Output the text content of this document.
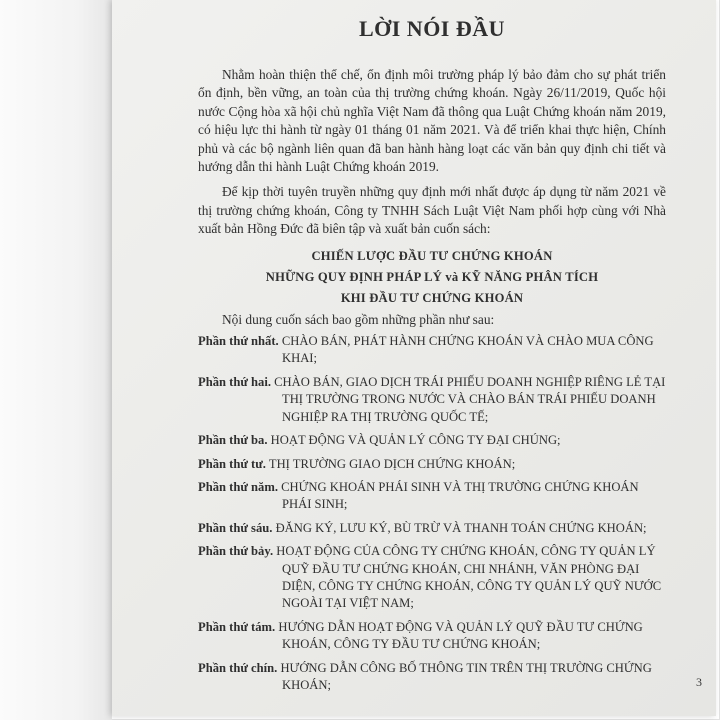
LỜI NÓI ĐẦU

Nhằm hoàn thiện thể chế, ổn định môi trường pháp lý bảo đảm cho sự phát triển ổn định, bền vững, an toàn của thị trường chứng khoán. Ngày 26/11/2019, Quốc hội nước Cộng hòa xã hội chủ nghĩa Việt Nam đã thông qua Luật Chứng khoán năm 2019, có hiệu lực thi hành từ ngày 01 tháng 01 năm 2021. Và để triển khai thực hiện, Chính phủ và các bộ ngành liên quan đã ban hành hàng loạt các văn bản quy định chi tiết và hướng dẫn thi hành Luật Chứng khoán 2019.

Để kịp thời tuyên truyền những quy định mới nhất được áp dụng từ năm 2021 về thị trường chứng khoán, Công ty TNHH Sách Luật Việt Nam phối hợp cùng với Nhà xuất bản Hồng Đức đã biên tập và xuất bản cuốn sách:

CHIẾN LƯỢC ĐẦU TƯ CHỨNG KHOÁN

NHỮNG QUY ĐỊNH PHÁP LÝ và KỸ NĂNG PHÂN TÍCH

KHI ĐẦU TƯ CHỨNG KHOÁN

Nội dung cuốn sách bao gồm những phần như sau:

Phần thứ nhất. CHÀO BÁN, PHÁT HÀNH CHỨNG KHOÁN VÀ CHÀO MUA CÔNG KHAI;
Phần thứ hai. CHÀO BÁN, GIAO DỊCH TRÁI PHIẾU DOANH NGHIỆP RIÊNG LẺ TẠI THỊ TRƯỜNG TRONG NƯỚC VÀ CHÀO BÁN TRÁI PHIẾU DOANH NGHIỆP RA THỊ TRƯỜNG QUỐC TẾ;
Phần thứ ba. HOẠT ĐỘNG VÀ QUẢN LÝ CÔNG TY ĐẠI CHÚNG;
Phần thứ tư. THỊ TRƯỜNG GIAO DỊCH CHỨNG KHOÁN;
Phần thứ năm. CHỨNG KHOÁN PHÁI SINH VÀ THỊ TRƯỜNG CHỨNG KHOÁN PHÁI SINH;
Phần thứ sáu. ĐĂNG KÝ, LƯU KÝ, BÙ TRỪ VÀ THANH TOÁN CHỨNG KHOÁN;
Phần thứ bảy. HOẠT ĐỘNG CỦA CÔNG TY CHỨNG KHOÁN, CÔNG TY QUẢN LÝ QUỸ ĐẦU TƯ CHỨNG KHOÁN, CHI NHÁNH, VĂN PHÒNG ĐẠI DIỆN, CÔNG TY CHỨNG KHOÁN, CÔNG TY QUẢN LÝ QUỸ NƯỚC NGOÀI TẠI VIỆT NAM;
Phần thứ tám. HƯỚNG DẪN HOẠT ĐỘNG VÀ QUẢN LÝ QUỸ ĐẦU TƯ CHỨNG KHOÁN, CÔNG TY ĐẦU TƯ CHỨNG KHOÁN;
Phần thứ chín. HƯỚNG DẪN CÔNG BỐ THÔNG TIN TRÊN THỊ TRƯỜNG CHỨNG KHOÁN;	3
